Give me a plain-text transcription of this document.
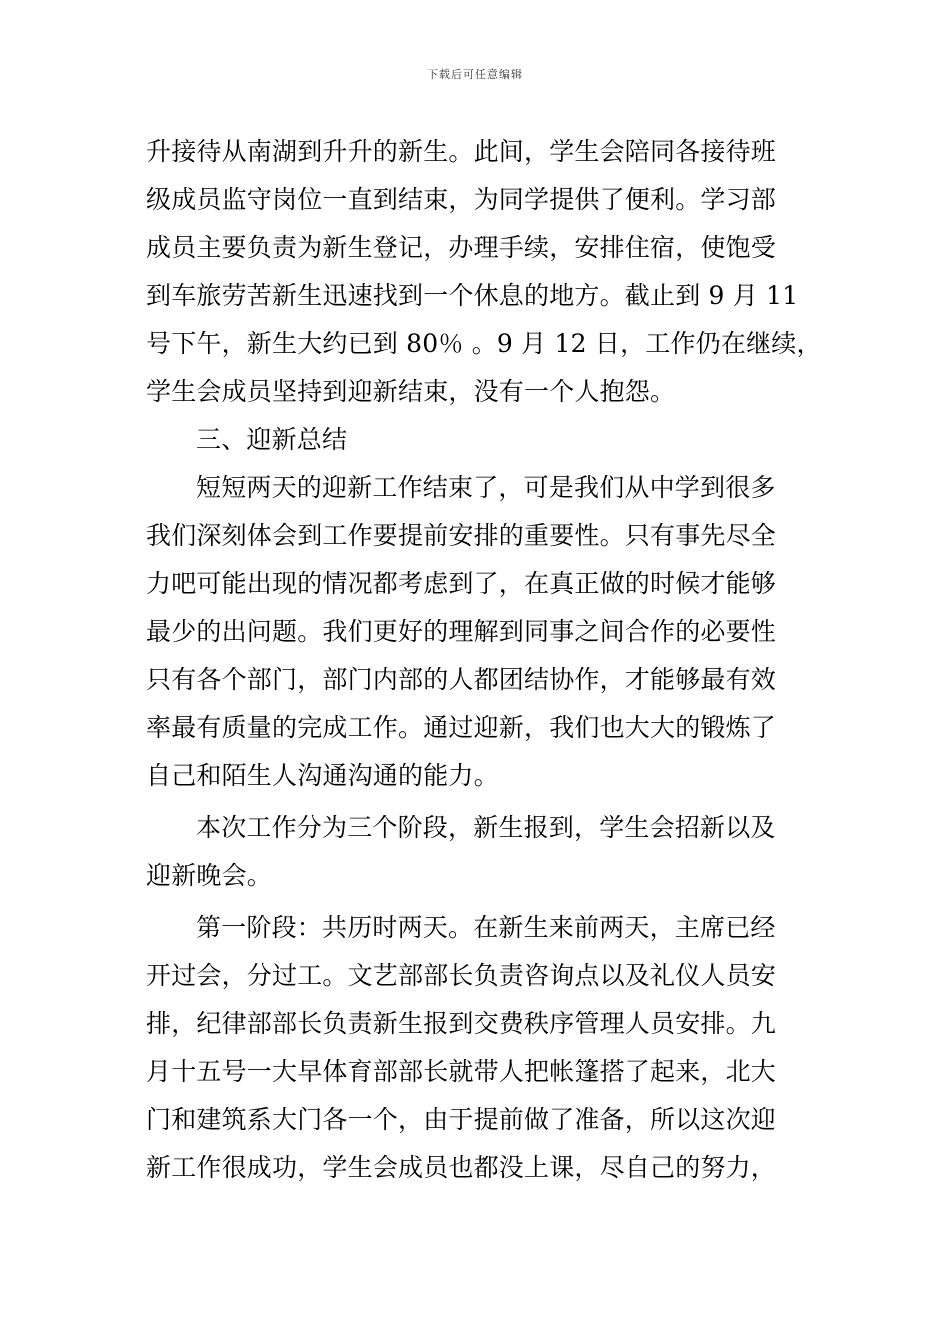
下载后可任意编辑
升接待从南湖到升升的新生。此间，学生会陪同各接待班
级成员监守岗位一直到结束，为同学提供了便利。学习部
成员主要负责为新生登记，办理手续，安排住宿，使饱受
到车旅劳苦新生迅速找到一个休息的地方。截止到 9 月 11
号下午，新生大约已到 80％ 。9 月 12 日，工作仍在继续，
学生会成员坚持到迎新结束，没有一个人抱怨。
三、迎新总结
短短两天的迎新工作结束了，可是我们从中学到很多
我们深刻体会到工作要提前安排的重要性。只有事先尽全
力吧可能出现的情况都考虑到了，在真正做的时候才能够
最少的出问题。我们更好的理解到同事之间合作的必要性
只有各个部门，部门内部的人都团结协作，才能够最有效
率最有质量的完成工作。通过迎新，我们也大大的锻炼了
自己和陌生人沟通沟通的能力。
本次工作分为三个阶段，新生报到，学生会招新以及
迎新晚会。
第一阶段：共历时两天。在新生来前两天，主席已经
开过会，分过工。文艺部部长负责咨询点以及礼仪人员安
排，纪律部部长负责新生报到交费秩序管理人员安排。九
月十五号一大早体育部部长就带人把帐篷搭了起来，北大
门和建筑系大门各一个，由于提前做了准备，所以这次迎
新工作很成功，学生会成员也都没上课，尽自己的努力，
